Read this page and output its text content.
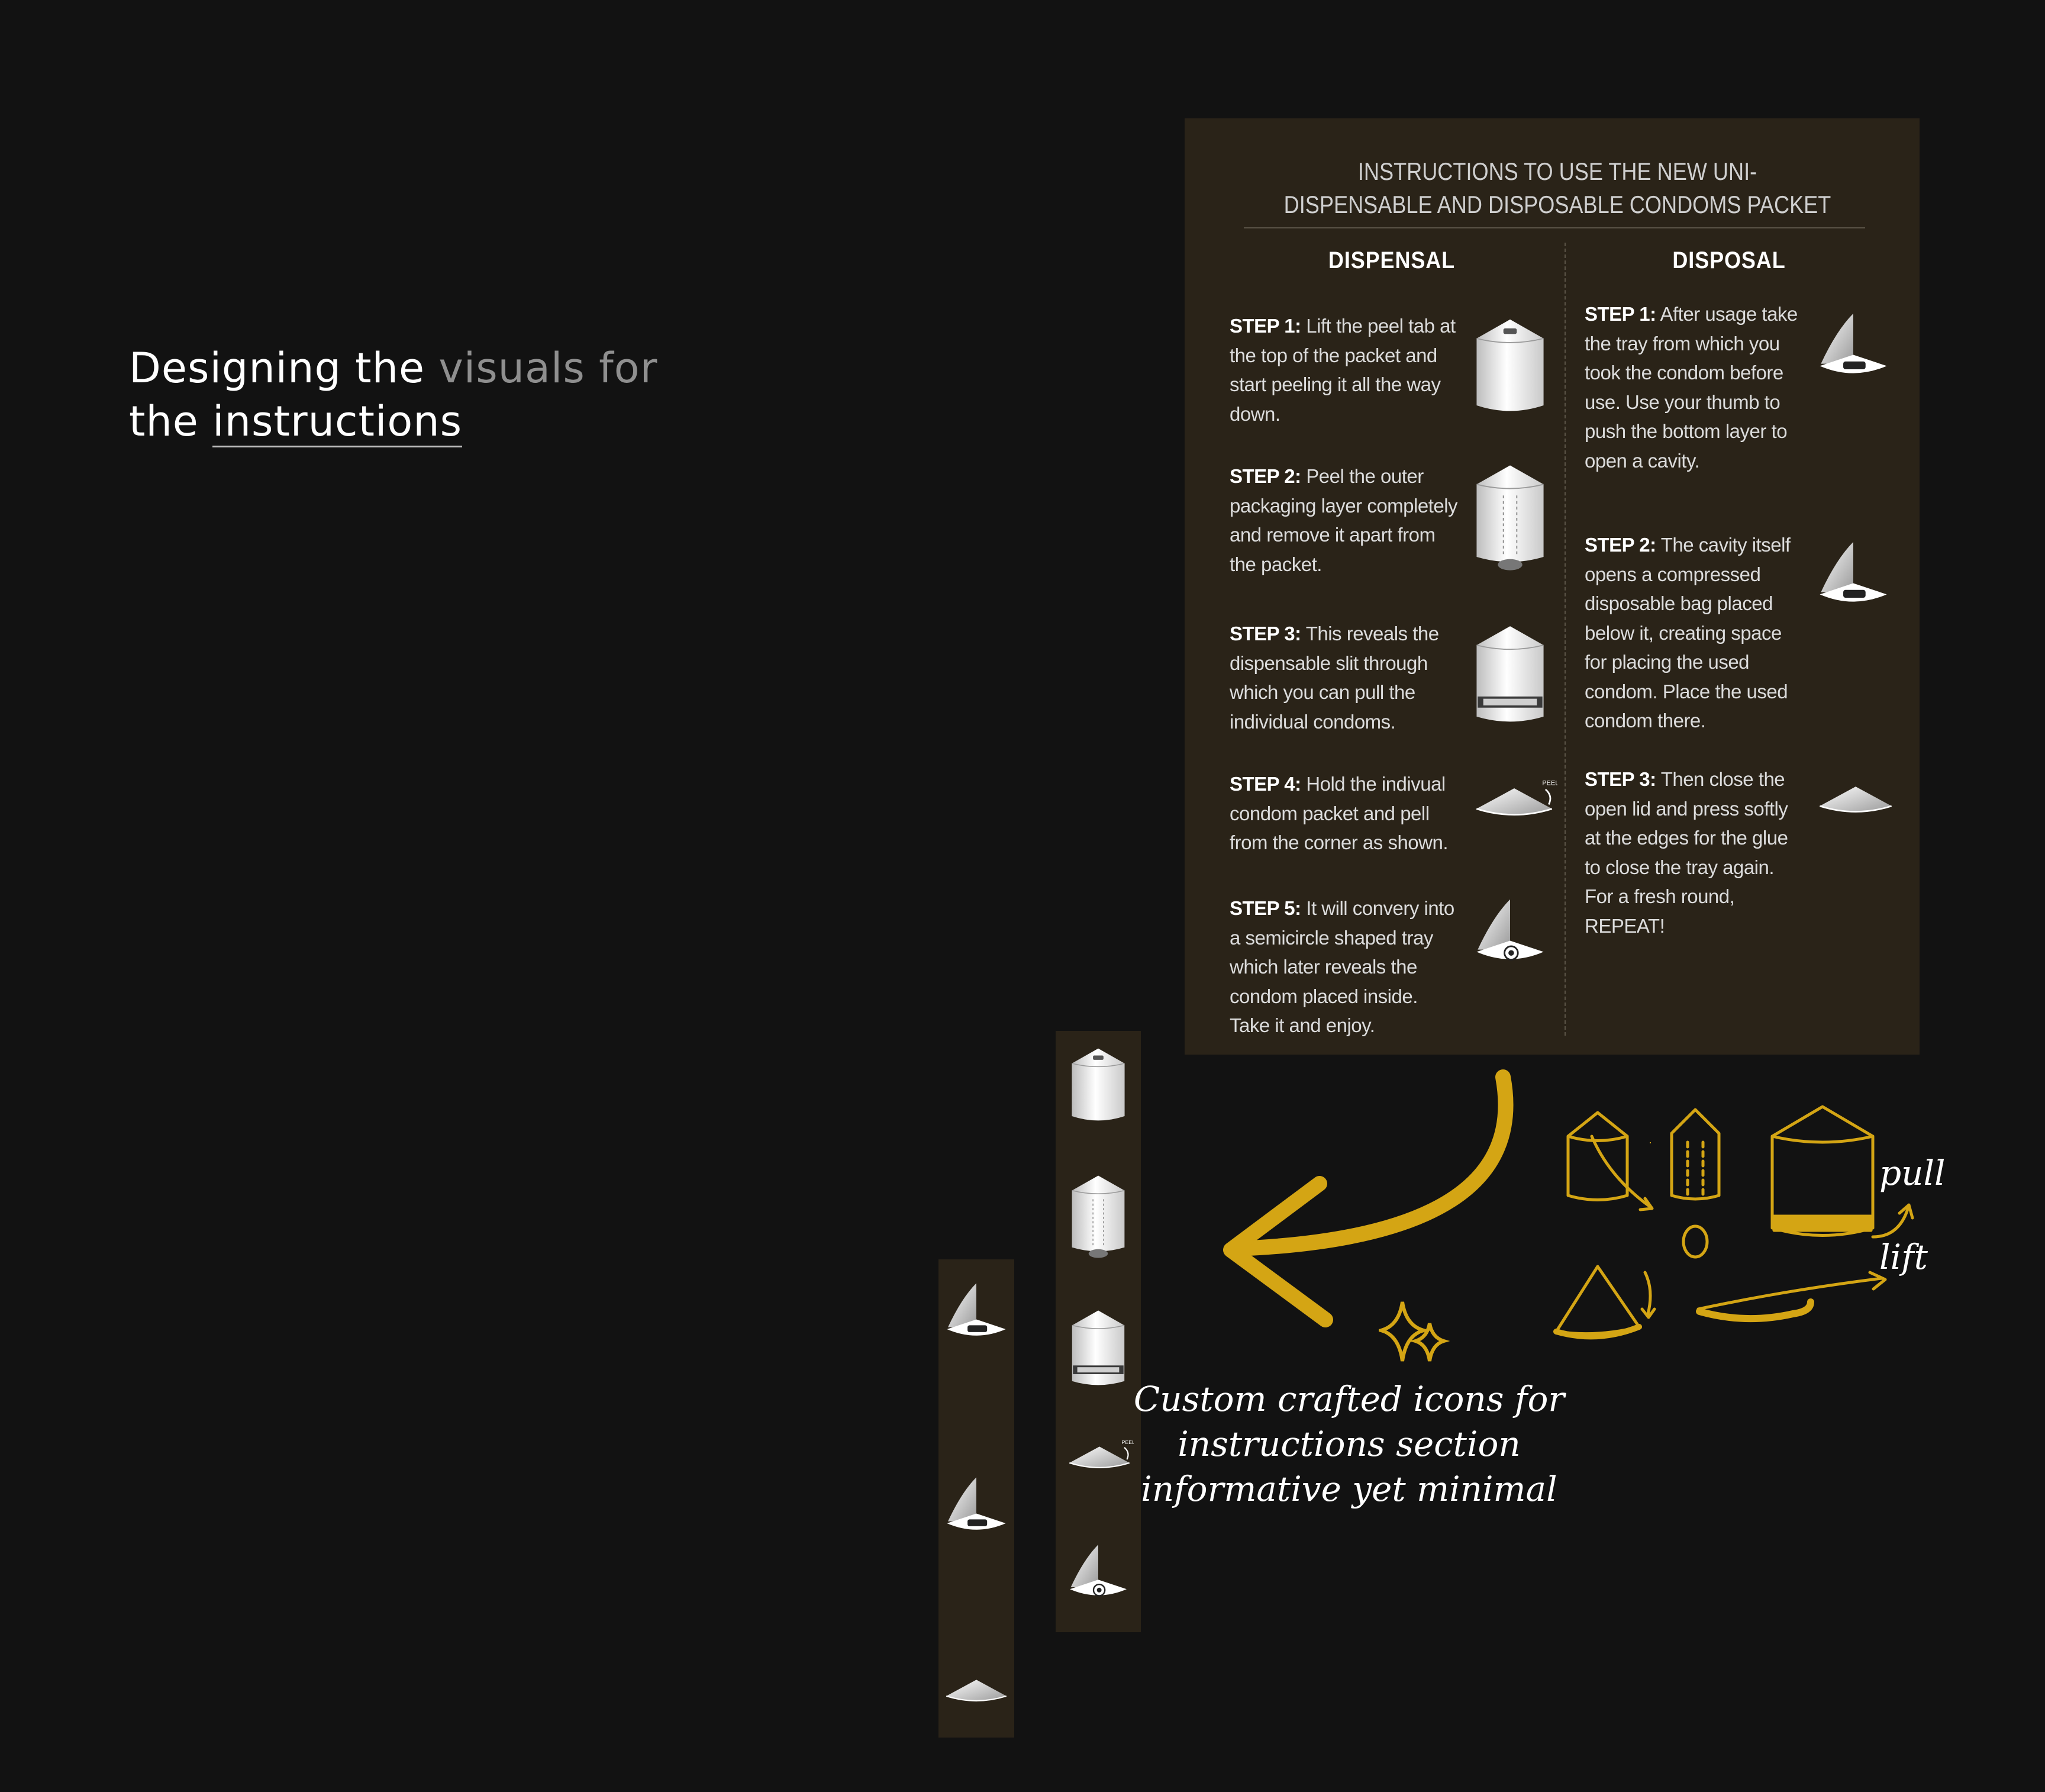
Designing the visuals for
the instructions
INSTRUCTIONS TO USE THE NEW UNI-
DISPENSABLE AND DISPOSABLE CONDOMS PACKET
DISPENSAL	DISPOSAL
STEP 1: Lift the peel tab at the top of the packet and start peeling it all the way down.
STEP 2: Peel the outer packaging layer completely and remove it apart from the packet.
STEP 3: This reveals the dispensable slit through which you can pull the individual condoms.
STEP 4: Hold the indivual condom packet and pell from the corner as shown.
STEP 5: It will convery into a semicircle shaped tray which later reveals the condom placed inside. Take it and enjoy.
STEP 1: After usage take the tray from which you took the condom before use. Use your thumb to push the bottom layer to open a cavity.
STEP 2: The cavity itself opens a compressed disposable bag placed below it, creating space for placing the used condom. Place the used condom there.
STEP 3: Then close the open lid and press softly at the edges for the glue to close the tray again. For a fresh round, REPEAT!
Custom crafted icons for
instructions section
informative yet minimal
pull
lift
